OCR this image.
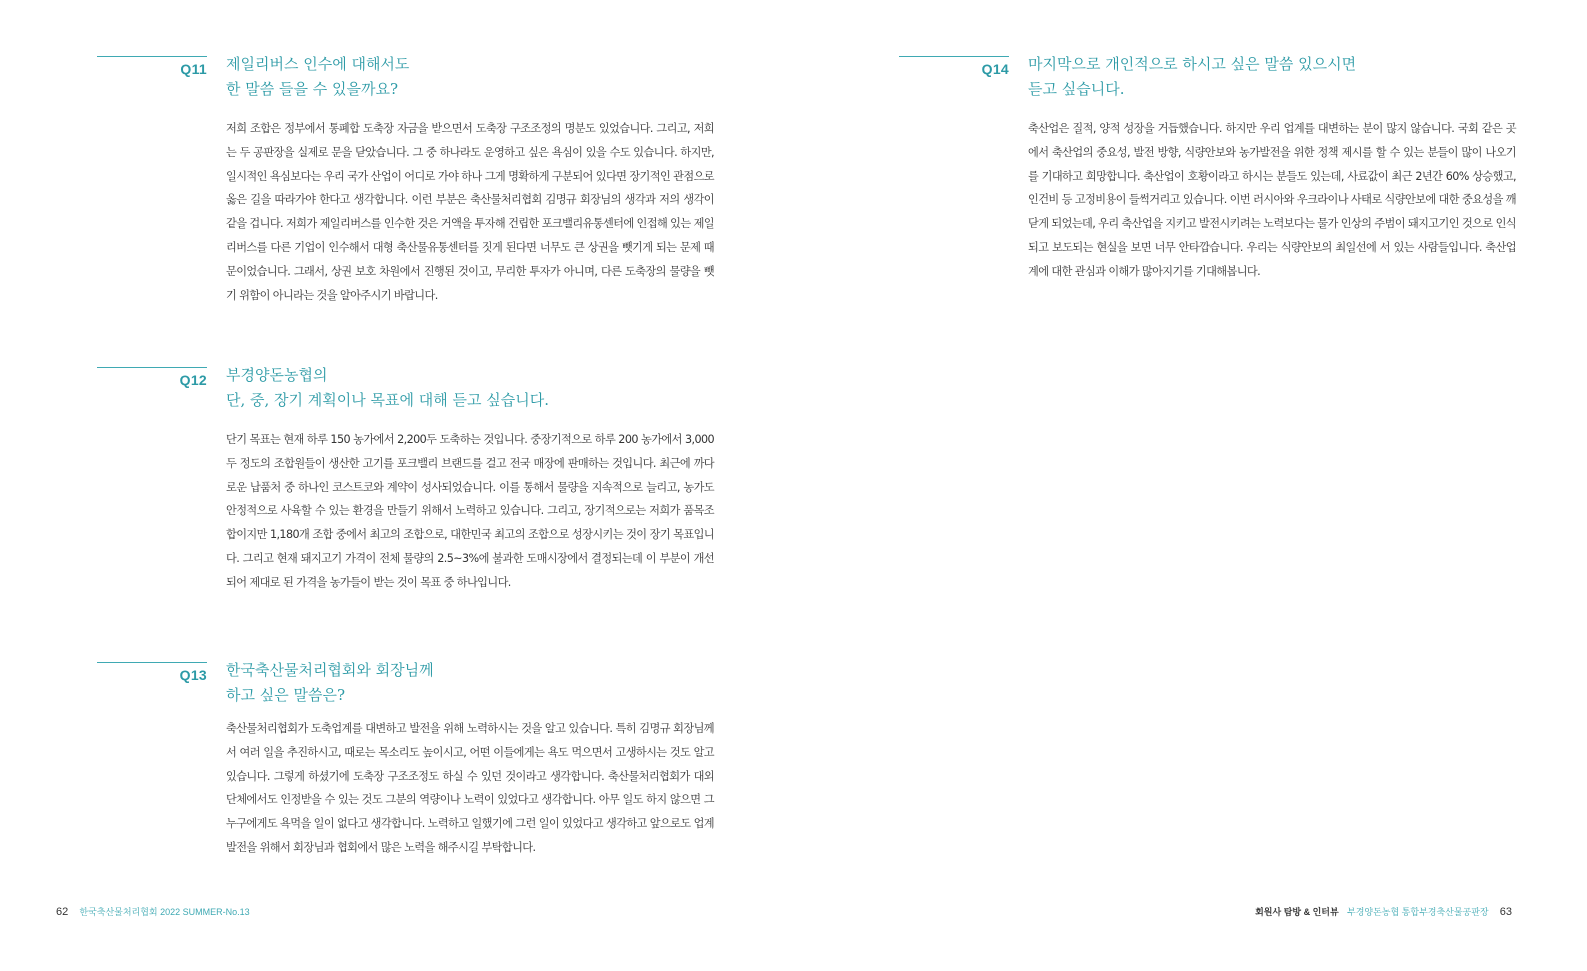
Q11 제일리버스 인수에 대해서도
한 말씀 들을 수 있을까요?
저희 조합은 정부에서 통폐합 도축장 자금을 받으면서 도축장 구조조정의 명분도 있었습니다. 그리고, 저희는 두 공판장을 실제로 문을 닫았습니다. 그 중 하나라도 운영하고 싶은 욕심이 있을 수도 있습니다. 하지만, 일시적인 욕심보다는 우리 국가 산업이 어디로 가야 하나 그게 명확하게 구분되어 있다면 장기적인 관점으로 옳은 길을 따라가야 한다고 생각합니다. 이런 부분은 축산물처리협회 김명규 회장님의 생각과 저의 생각이 같을 겁니다. 저희가 제일리버스를 인수한 것은 거액을 투자해 건립한 포크밸리유통센터에 인접해 있는 제일리버스를 다른 기업이 인수해서 대형 축산물유통센터를 짓게 된다면 너무도 큰 상권을 뺏기게 되는 문제 때문이었습니다. 그래서, 상권 보호 차원에서 진행된 것이고, 무리한 투자가 아니며, 다른 도축장의 물량을 뺏기 위함이 아니라는 것을 알아주시기 바랍니다.
Q12 부경양돈농협의
단, 중, 장기 계획이나 목표에 대해 듣고 싶습니다.
단기 목표는 현재 하루 150 농가에서 2,200두 도축하는 것입니다. 중장기적으로 하루 200 농가에서 3,000두 정도의 조합원들이 생산한 고기를 포크밸리 브랜드를 걸고 전국 매장에 판매하는 것입니다. 최근에 까다로운 납품처 중 하나인 코스트코와 계약이 성사되었습니다. 이를 통해서 물량을 지속적으로 늘리고, 농가도 안정적으로 사육할 수 있는 환경을 만들기 위해서 노력하고 있습니다. 그리고, 장기적으로는 저희가 품목조합이지만 1,180개 조합 중에서 최고의 조합으로, 대한민국 최고의 조합으로 성장시키는 것이 장기 목표입니다. 그리고 현재 돼지고기 가격이 전체 물량의 2.5~3%에 불과한 도매시장에서 결정되는데 이 부분이 개선되어 제대로 된 가격을 농가들이 받는 것이 목표 중 하나입니다.
Q13 한국축산물처리협회와 회장님께
하고 싶은 말씀은?
축산물처리협회가 도축업계를 대변하고 발전을 위해 노력하시는 것을 알고 있습니다. 특히 김명규 회장님께서 여러 일을 추진하시고, 때로는 목소리도 높이시고, 어떤 이들에게는 욕도 먹으면서 고생하시는 것도 알고 있습니다. 그렇게 하셨기에 도축장 구조조정도 하실 수 있던 것이라고 생각합니다. 축산물처리협회가 대외 단체에서도 인정받을 수 있는 것도 그분의 역량이나 노력이 있었다고 생각합니다. 아무 일도 하지 않으면 그 누구에게도 욕먹을 일이 없다고 생각합니다. 노력하고 일했기에 그런 일이 있었다고 생각하고 앞으로도 업계 발전을 위해서 회장님과 협회에서 많은 노력을 해주시길 부탁합니다.
Q14 마지막으로 개인적으로 하시고 싶은 말씀 있으시면
듣고 싶습니다.
축산업은 질적, 양적 성장을 거듭했습니다. 하지만 우리 업계를 대변하는 분이 많지 않습니다. 국회 같은 곳에서 축산업의 중요성, 발전 방향, 식량안보와 농가발전을 위한 정책 제시를 할 수 있는 분들이 많이 나오기를 기대하고 희망합니다. 축산업이 호황이라고 하시는 분들도 있는데, 사료값이 최근 2년간 60% 상승했고, 인건비 등 고정비용이 들썩거리고 있습니다. 이번 러시아와 우크라이나 사태로 식량안보에 대한 중요성을 깨닫게 되었는데, 우리 축산업을 지키고 발전시키려는 노력보다는 물가 인상의 주범이 돼지고기인 것으로 인식되고 보도되는 현실을 보면 너무 안타깝습니다. 우리는 식량안보의 최일선에 서 있는 사람들입니다. 축산업계에 대한 관심과 이해가 많아지기를 기대해봅니다.
62 한국축산물처리협회 2022 SUMMER-No.13	회원사 탐방 & 인터뷰 부경양돈농협 통합부경축산물공판장 63
